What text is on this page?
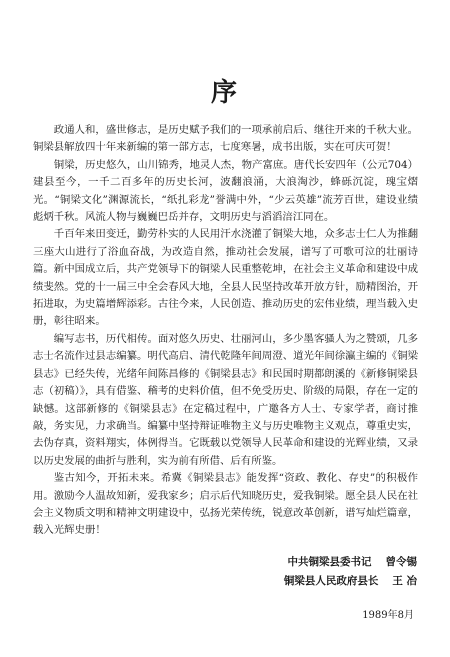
序

政通人和，盛世修志，是历史赋予我们的一项承前启后、继往开来的千秋大业。铜梁县解放四十年来新编的第一部方志，七度寒暑，成书出版，实在可庆可贺！

铜梁，历史悠久，山川锦秀，地灵人杰，物产富庶。唐代长安四年（公元704）建县至今，一千二百多年的历史长河，波翻浪涌，大浪淘沙，蜂砾沉淀，瑰宝熠光。“铜梁文化”渊源流长，“纸扎彩龙”誉满中外，“少云英雄”流芳百世，建设业绩彪炳千秋。风流人物与巍巍巴岳并存，文明历史与滔滔涪江同在。

千百年来田变迁，勤劳朴实的人民用汗水浇灌了铜梁大地，众多志士仁人为推翻三座大山进行了浴血奋战，为改造自然，推动社会发展，谱写了可歌可泣的壮丽诗篇。新中国成立后，共产党领导下的铜梁人民重整乾坤，在社会主义革命和建设中成绩斐然。党的十一届三中全会春风大地，全县人民坚持改革开放方针，励精图治，开拓进取，为史篇增辉添彩。古往今来，人民创造、推动历史的宏伟业绩，理当载入史册，彰往昭来。

编写志书，历代相传。面对悠久历史、壮丽河山，多少墨客骚人为之赞颂，几多志士名流作过县志编纂。明代高启、清代乾隆年间周澄、道光年间徐瀛主编的《铜梁县志》已经失传，光绪年间陈昌修的《铜梁县志》和民国时期都朗溪的《新修铜梁县志（初稿）》，具有借鉴、稽考的史料价值，但不免受历史、阶级的局限，存在一定的缺憾。这部新修的《铜梁县志》在定稿过程中，广邀各方人士、专家学者，商讨推敲，务实见，力求确当。编纂中坚持辩证唯物主义与历史唯物主义观点，尊重史实，去伪存真，资料翔实，体例得当。它既载以党领导人民革命和建设的光辉业绩，又录以历史发展的曲折与胜利，实为前有所借、后有所鉴。

鉴古知今，开拓未来。希冀《铜梁县志》能发挥“资政、教化、存史”的积极作用。激励今人温故知新，爱我家乡；启示后代知晓历史，爱我铜梁。愿全县人民在社会主义物质文明和精神文明建设中，弘扬光荣传统，锐意改革创新，谱写灿烂篇章，载入光辉史册！

中共铜梁县委书记 曾令锡
铜梁县人民政府县长 王 冶
1989年8月
